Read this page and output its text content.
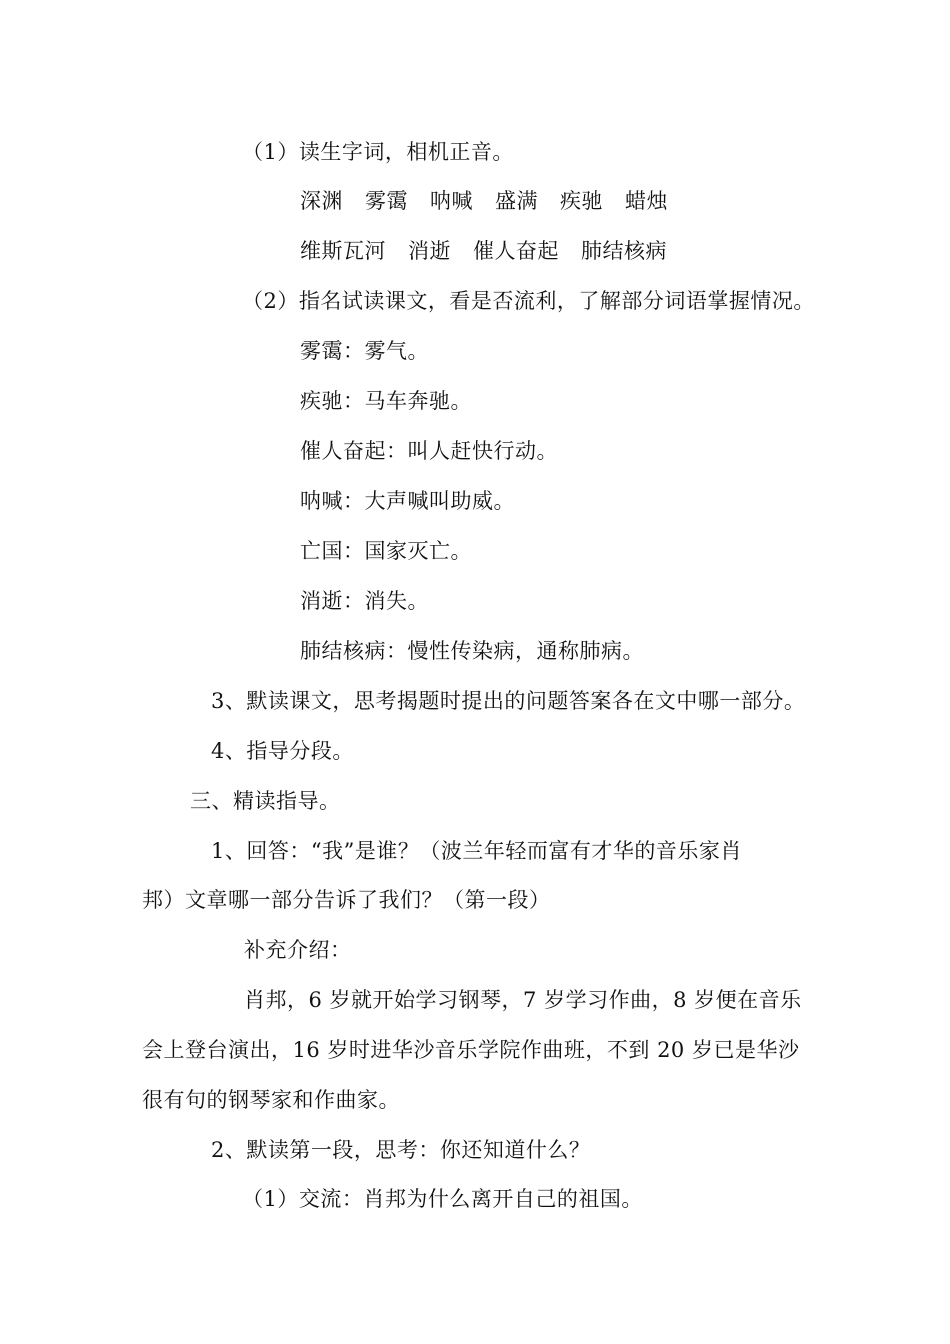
（1）读生字词，相机正音。
深渊 雾霭 呐喊 盛满 疾驰 蜡烛
维斯瓦河 消逝 催人奋起 肺结核病
（2）指名试读课文，看是否流利，了解部分词语掌握情况。
雾霭：雾气。
疾驰：马车奔驰。
催人奋起：叫人赶快行动。
呐喊：大声喊叫助威。
亡国：国家灭亡。
消逝：消失。
肺结核病：慢性传染病，通称肺病。
3、默读课文，思考揭题时提出的问题答案各在文中哪一部分。
4、指导分段。
三、精读指导。
1、回答：“我”是谁？（波兰年轻而富有才华的音乐家肖
邦）文章哪一部分告诉了我们？（第一段）
补充介绍：
肖邦，6 岁就开始学习钢琴，7 岁学习作曲，8 岁便在音乐
会上登台演出，16 岁时进华沙音乐学院作曲班，不到 20 岁已是华沙
很有句的钢琴家和作曲家。
2、默读第一段，思考：你还知道什么？
（1）交流：肖邦为什么离开自己的祖国。
